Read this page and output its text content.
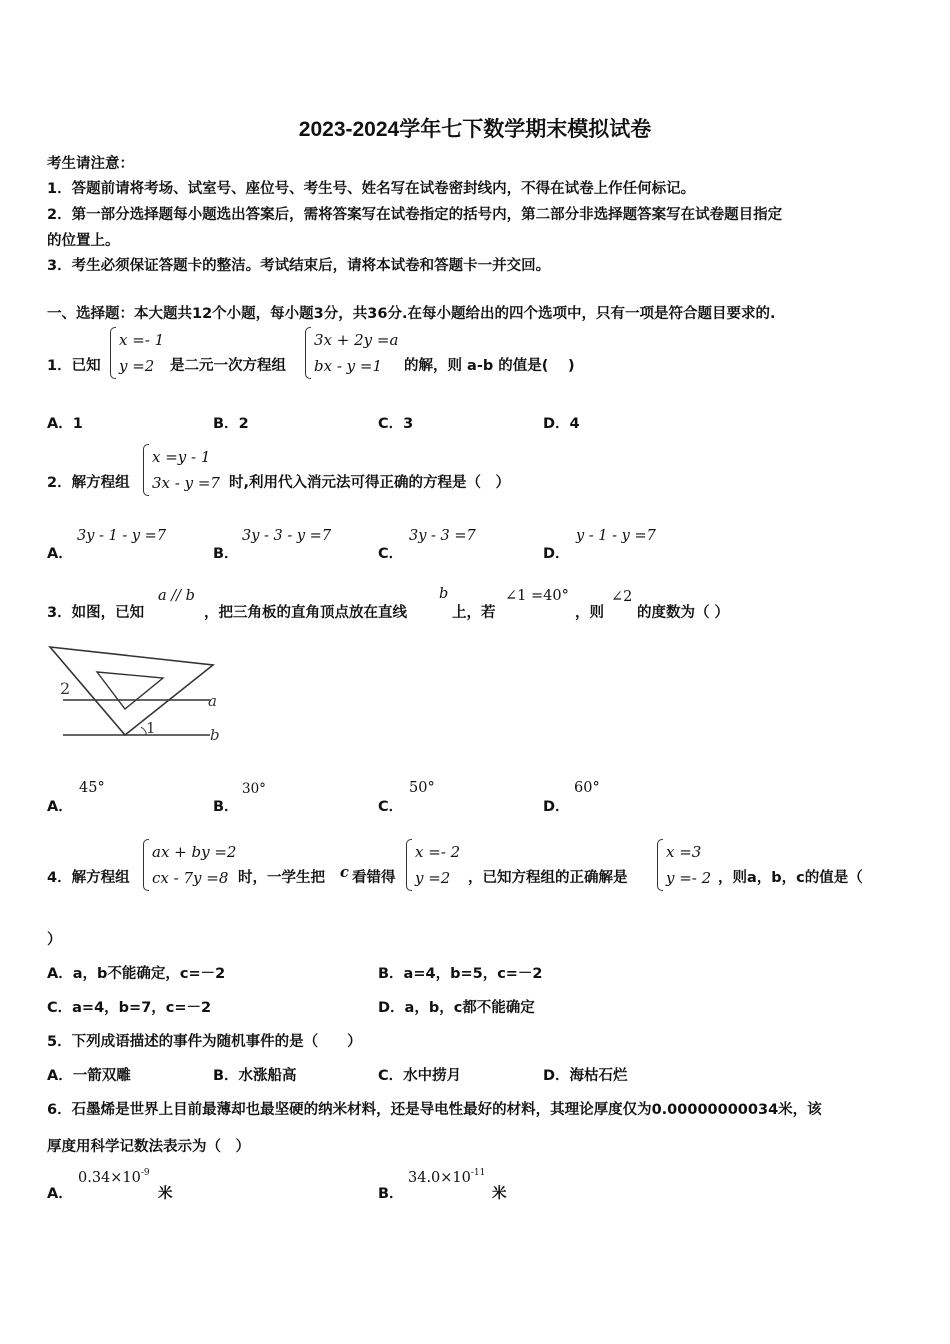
2023-2024学年七下数学期末模拟试卷
考生请注意：
1．答题前请将考场、试室号、座位号、考生号、姓名写在试卷密封线内，不得在试卷上作任何标记。
2．第一部分选择题每小题选出答案后，需将答案写在试卷指定的括号内，第二部分非选择题答案写在试卷题目指定
的位置上。
3．考生必须保证答题卡的整洁。考试结束后，请将本试卷和答题卡一并交回。
一、选择题：本大题共12个小题，每小题3分，共36分.在每小题给出的四个选项中，只有一项是符合题目要求的.
1．已知
x =- 1
y =2	是二元一次方程组
3x + 2y =a
bx - y =1	的解，则 a-b 的值是(　 )
A．1	B．2	C．3	D．4
2．解方程组
x =y - 1
3x - y =7 时,利用代入消元法可得正确的方程是（　）
A．
3y - 1 - y =7
B．
3y - 3 - y =7
C．
3y - 3 =7
D．
y - 1 - y =7
3．如图，已知
a // b
，把三角板的直角顶点放在直线
b
上，若
∠1 =40°
，则
∠2
的度数为（ ）
2
1
a
b
A．
45°
B．
30°
C．
50°
D．
60°
4．解方程组
ax + by =2
cx - 7y =8 时，一学生把 c 看错得
x =- 2
y =2	，已知方程组的正确解是
x =3
y =- 2 ，则a，b，c的值是（
）
A．a，b不能确定，c=－2	B．a=4，b=5，c=－2
C．a=4，b=7，c=－2	D．a，b，c都不能确定
5．下列成语描述的事件为随机事件的是（　　）
A．一箭双雕	B．水涨船高	C．水中捞月	D．海枯石烂
6．石墨烯是世界上目前最薄却也最坚硬的纳米材料，还是导电性最好的材料，其理论厚度仅为0.00000000034米，该
厚度用科学记数法表示为（　）
A．
$0.34\times 10^{-9}$
米	B．
$34.0\times 10^{-11}$
米
